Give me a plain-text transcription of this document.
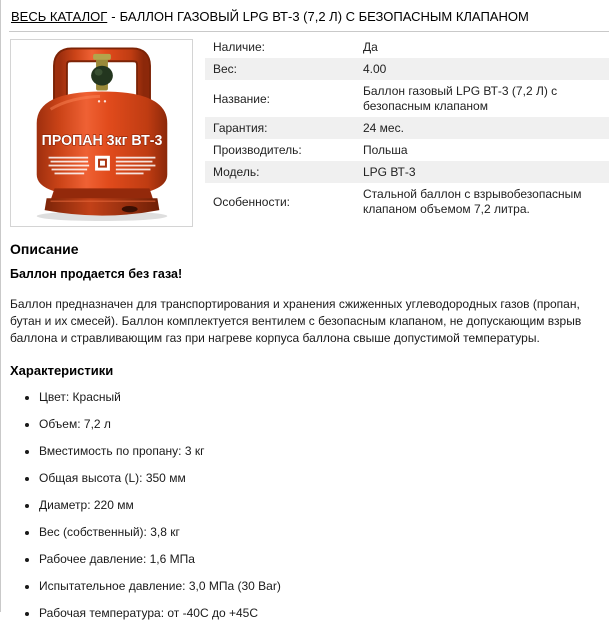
ВЕСЬ КАТАЛОГ - БАЛЛОН ГАЗОВЫЙ LPG ВТ-3 (7,2 Л) С БЕЗОПАСНЫМ КЛАПАНОМ
ПРОПАН 3кг ВТ-3
Наличие:	Да
Вес:	4.00
Название:	Баллон газовый LPG ВТ-3 (7,2 Л) с безопасным клапаном
Гарантия:	24 мес.
Производитель:	Польша
Модель:	LPG ВТ-3
Особенности:	Стальной баллон с взрывобезопасным клапаном объемом 7,2 литра.
Описание
Баллон продается без газа!

Баллон предназначен для транспортирования и хранения сжиженных углеводородных газов (пропан, бутан и их смесей). Баллон комплектуется вентилем с безопасным клапаном, не допускающим взрыв баллона и стравливающим газ при нагреве корпуса баллона свыше допустимой температуры.

Характеристики
• Цвет: Красный
• Объем: 7,2 л
• Вместимость по пропану: 3 кг
• Общая высота (L): 350 мм
• Диаметр: 220 мм
• Вес (собственный): 3,8 кг
• Рабочее давление: 1,6 МПа
• Испытательное давление: 3,0 МПа (30 Bar)
• Рабочая температура: от -40С до +45С
